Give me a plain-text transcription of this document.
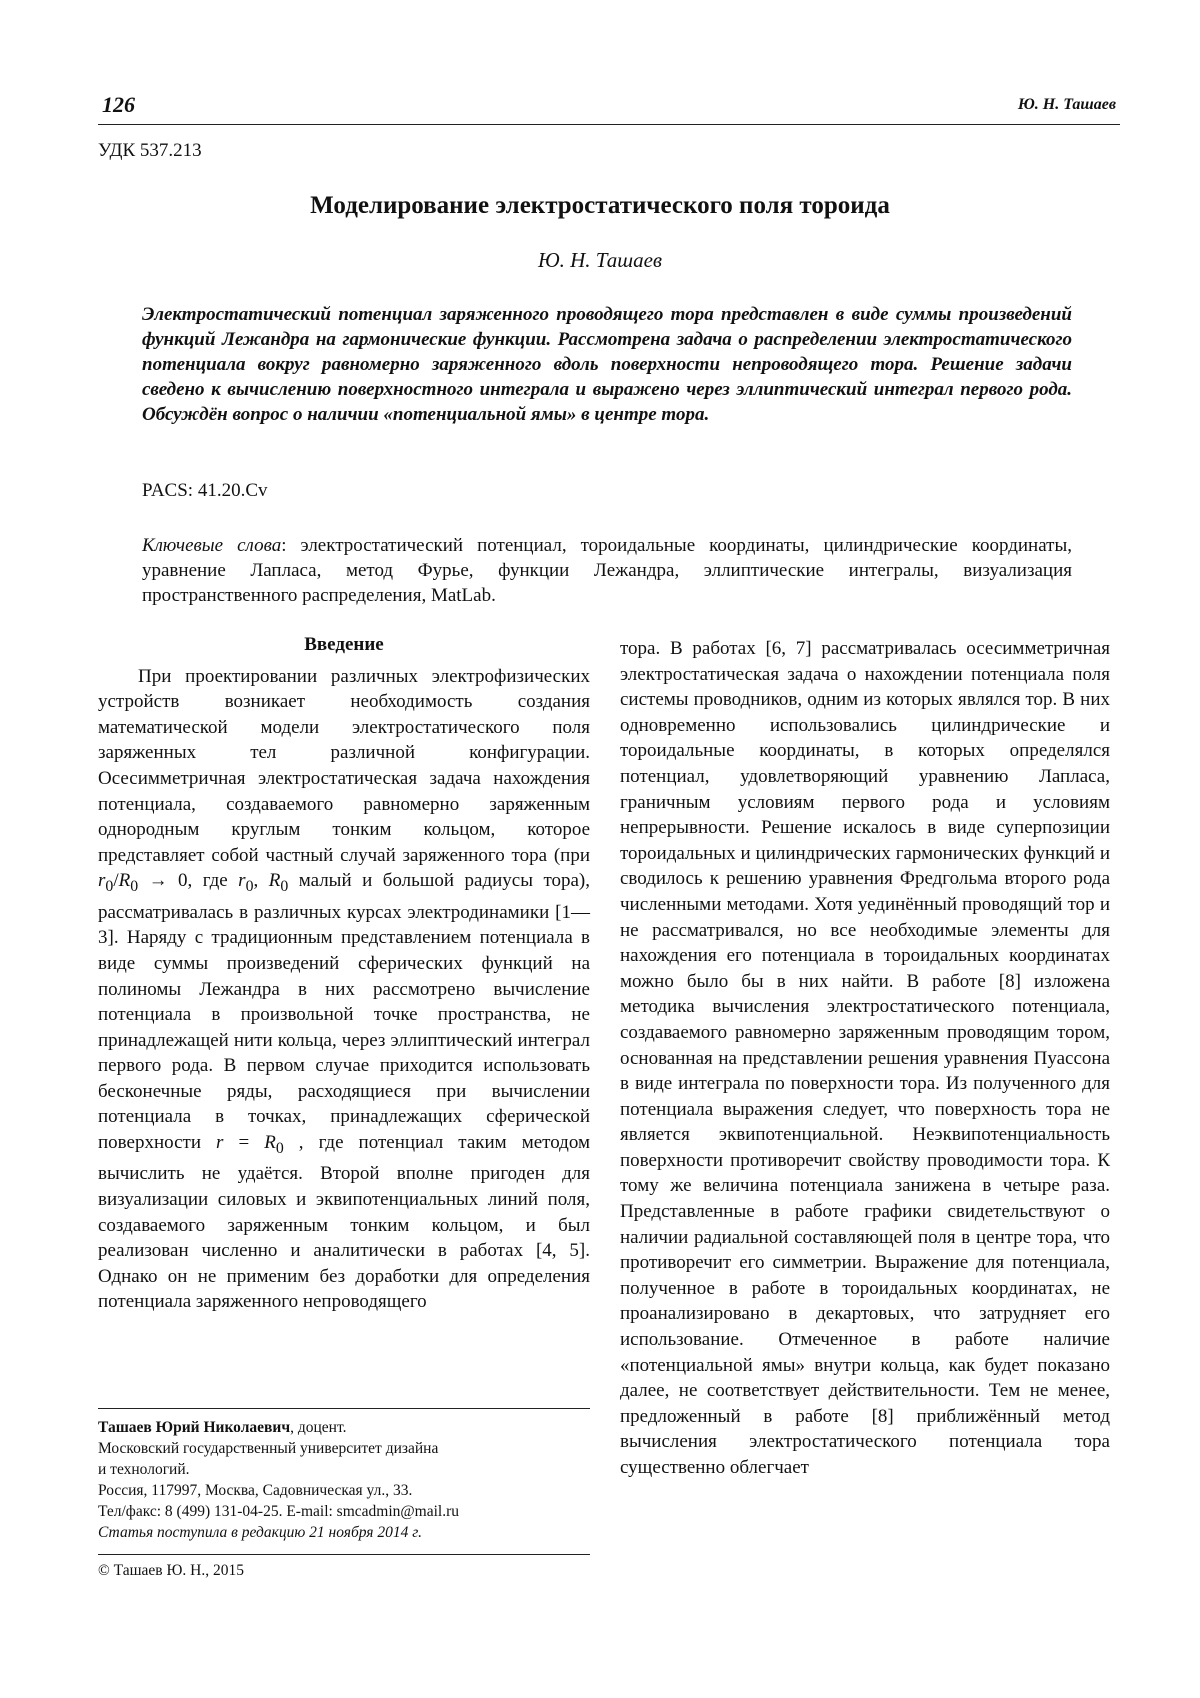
126	Ю. Н. Ташаев
УДК 537.213
Моделирование электростатического поля тороида
Ю. Н. Ташаев
Электростатический потенциал заряженного проводящего тора представлен в виде суммы произведений функций Лежандра на гармонические функции. Рассмотрена задача о распределении электростатического потенциала вокруг равномерно заряженного вдоль поверхности непроводящего тора. Решение задачи сведено к вычислению поверхностного интеграла и выражено через эллиптический интеграл первого рода. Обсуждён вопрос о наличии «потенциальной ямы» в центре тора.
PACS: 41.20.Cv
Ключевые слова: электростатический потенциал, тороидальные координаты, цилиндрические координаты, уравнение Лапласа, метод Фурье, функции Лежандра, эллиптические интегралы, визуализация пространственного распределения, MatLab.
Введение

При проектировании различных электрофизических устройств возникает необходимость создания математической модели электростатического поля заряженных тел различной конфигурации. Осесимметричная электростатическая задача нахождения потенциала, создаваемого равномерно заряженным однородным круглым тонким кольцом, которое представляет собой частный случай заряженного тора (при $r_0/R_0 \to 0$, где $r_0$, $R_0$ малый и большой радиусы тора), рассматривалась в различных курсах электродинамики [1—3]. Наряду с традиционным представлением потенциала в виде суммы произведений сферических функций на полиномы Лежандра в них рассмотрено вычисление потенциала в произвольной точке пространства, не принадлежащей нити кольца, через эллиптический интеграл первого рода. В первом случае приходится использовать бесконечные ряды, расходящиеся при вычислении потенциала в точках, принадлежащих сферической поверхности $r = R_0$ , где потенциал таким методом вычислить не удаётся. Второй вполне пригоден для визуализации силовых и эквипотенциальных линий поля, создаваемого заряженным тонким кольцом, и был реализован численно и аналитически в работах [4, 5]. Однако он не применим без доработки для определения потенциала заряженного непроводящего

тора. В работах [6, 7] рассматривалась осесимметричная электростатическая задача о нахождении потенциала поля системы проводников, одним из которых являлся тор. В них одновременно использовались цилиндрические и тороидальные координаты, в которых определялся потенциал, удовлетворяющий уравнению Лапласа, граничным условиям первого рода и условиям непрерывности. Решение искалось в виде суперпозиции тороидальных и цилиндрических гармонических функций и сводилось к решению уравнения Фредгольма второго рода численными методами. Хотя уединённый проводящий тор и не рассматривался, но все необходимые элементы для нахождения его потенциала в тороидальных координатах можно было бы в них найти. В работе [8] изложена методика вычисления электростатического потенциала, создаваемого равномерно заряженным проводящим тором, основанная на представлении решения уравнения Пуассона в виде интеграла по поверхности тора. Из полученного для потенциала выражения следует, что поверхность тора не является эквипотенциальной. Неэквипотенциальность поверхности противоречит свойству проводимости тора. К тому же величина потенциала занижена в четыре раза. Представленные в работе графики свидетельствуют о наличии радиальной составляющей поля в центре тора, что противоречит его симметрии. Выражение для потенциала, полученное в работе в тороидальных координатах, не проанализировано в декартовых, что затрудняет его использование. Отмеченное в работе наличие «потенциальной ямы» внутри кольца, как будет показано далее, не соответствует действительности. Тем не менее, предложенный в работе [8] приближённый метод вычисления электростатического потенциала тора существенно облегчает

Ташаев Юрий Николаевич, доцент.
Московский государственный университет дизайна
и технологий.
Россия, 117997, Москва, Садовническая ул., 33.
Тел/факс: 8 (499) 131-04-25. E-mail: smcadmin@mail.ru
Статья поступила в редакцию 21 ноября 2014 г.
© Ташаев Ю. Н., 2015
